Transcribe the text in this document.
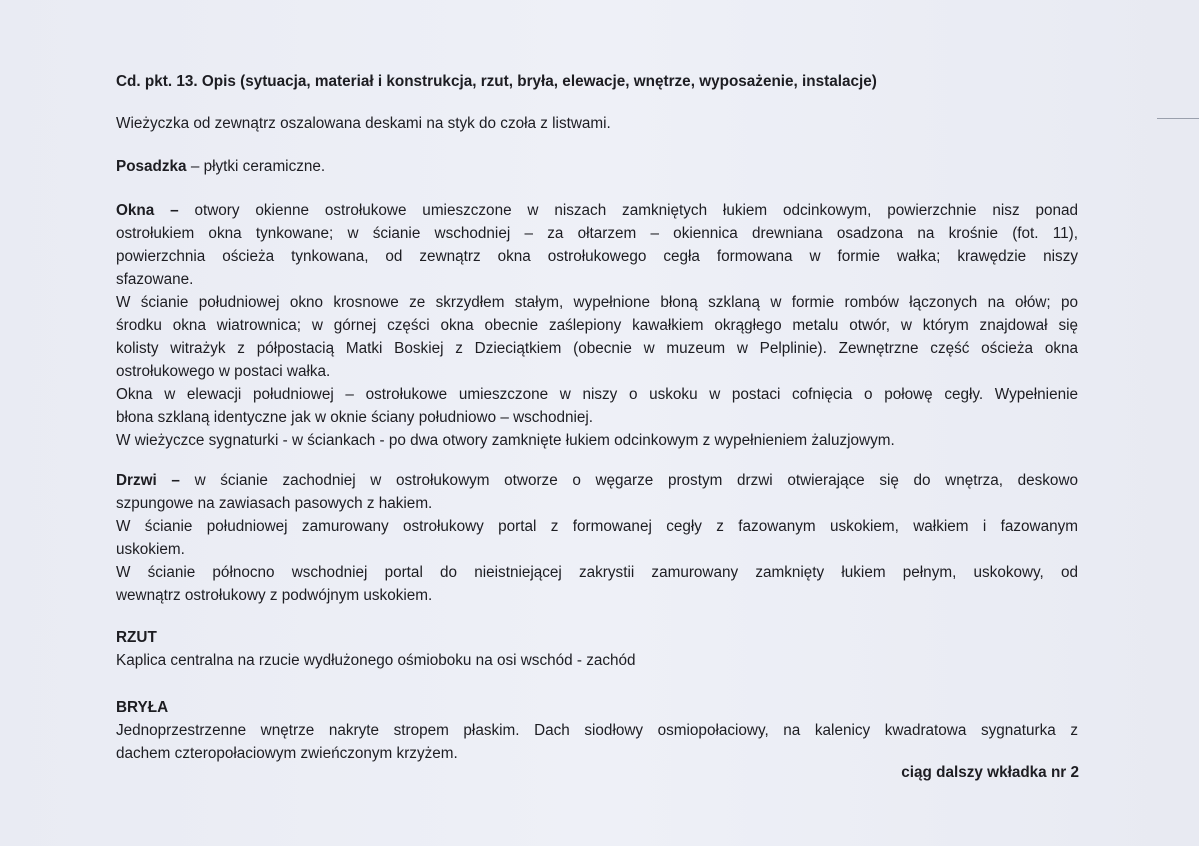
Cd. pkt. 13. Opis (sytuacja, materiał i konstrukcja, rzut, bryła, elewacje, wnętrze, wyposażenie, instalacje)
Wieżyczka od zewnątrz oszalowana deskami na styk do czoła z listwami.
Posadzka – płytki ceramiczne.
Okna – otwory okienne ostrołukowe umieszczone w niszach zamkniętych łukiem odcinkowym, powierzchnie nisz ponad
ostrołukiem okna tynkowane; w ścianie wschodniej – za ołtarzem – okiennica drewniana osadzona na krośnie (fot. 11),
powierzchnia ościeża tynkowana, od zewnątrz okna ostrołukowego cegła formowana w formie wałka; krawędzie niszy
sfazowane.
W ścianie południowej okno krosnowe ze skrzydłem stałym, wypełnione błoną szklaną w formie rombów łączonych na ołów; po
środku okna wiatrownica; w górnej części okna obecnie zaślepiony kawałkiem okrągłego metalu otwór, w którym znajdował się
kolisty witrażyk z półpostacią Matki Boskiej z Dzieciątkiem (obecnie w muzeum w Pelplinie). Zewnętrzne część ościeża okna
ostrołukowego w postaci wałka.
Okna w elewacji południowej – ostrołukowe umieszczone w niszy o uskoku w postaci cofnięcia o połowę cegły. Wypełnienie
błona szklaną identyczne jak w oknie ściany południowo – wschodniej.
W wieżyczce sygnaturki - w ściankach - po dwa otwory zamknięte łukiem odcinkowym z wypełnieniem żaluzjowym.
Drzwi – w ścianie zachodniej w ostrołukowym otworze o węgarze prostym drzwi otwierające się do wnętrza, deskowo
szpungowe na zawiasach pasowych z hakiem.
W ścianie południowej zamurowany ostrołukowy portal z formowanej cegły z fazowanym uskokiem, wałkiem i fazowanym
uskokiem.
W ścianie północno wschodniej portal do nieistniejącej zakrystii zamurowany zamknięty łukiem pełnym, uskokowy, od
wewnątrz ostrołukowy z podwójnym uskokiem.
RZUT
Kaplica centralna na rzucie wydłużonego ośmioboku na osi wschód - zachód
BRYŁA
Jednoprzestrzenne wnętrze nakryte stropem płaskim. Dach siodłowy osmiopołaciowy, na kalenicy kwadratowa sygnaturka z
dachem czteropołaciowym zwieńczonym krzyżem.
ciąg dalszy wkładka nr 2
